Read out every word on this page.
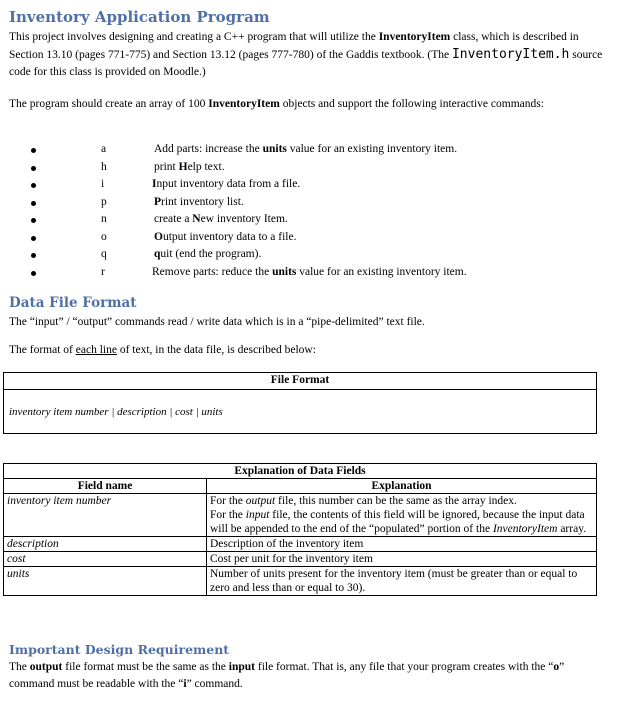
Inventory Application Program

This project involves designing and creating a C++ program that will utilize the InventoryItem class, which is described in Section 13.10 (pages 771-775) and Section 13.12 (pages 777-780) of the Gaddis textbook. (The InventoryItem.h source code for this class is provided on Moodle.)

The program should create an array of 100 InventoryItem objects and support the following interactive commands:

a	Add parts: increase the units value for an existing inventory item.
h	print Help text.
i	Input inventory data from a file.
p	Print inventory list.
n	create a New inventory Item.
o	Output inventory data to a file.
q	quit (end the program).
r	Remove parts: reduce the units value for an existing inventory item.
Data File Format

The “input” / “output” commands read / write data which is in a “pipe-delimited” text file.

The format of each line of text, in the data file, is described below:

File Format
inventory item number | description | cost | units
Explanation of Data Fields	
Field name	Explanation
inventory item number	For the output file, this number can be the same as the array index.
For the input file, the contents of this field will be ignored, because the input data will be appended to the end of the “populated” portion of the InventoryItem array.

description	Description of the inventory item
cost	Cost per unit for the inventory item
units	Number of units present for the inventory item (must be greater than or equal to zero and less than or equal to 30).
Important Design Requirement

The output file format must be the same as the input file format. That is, any file that your program creates with the “o” command must be readable with the “i” command.
